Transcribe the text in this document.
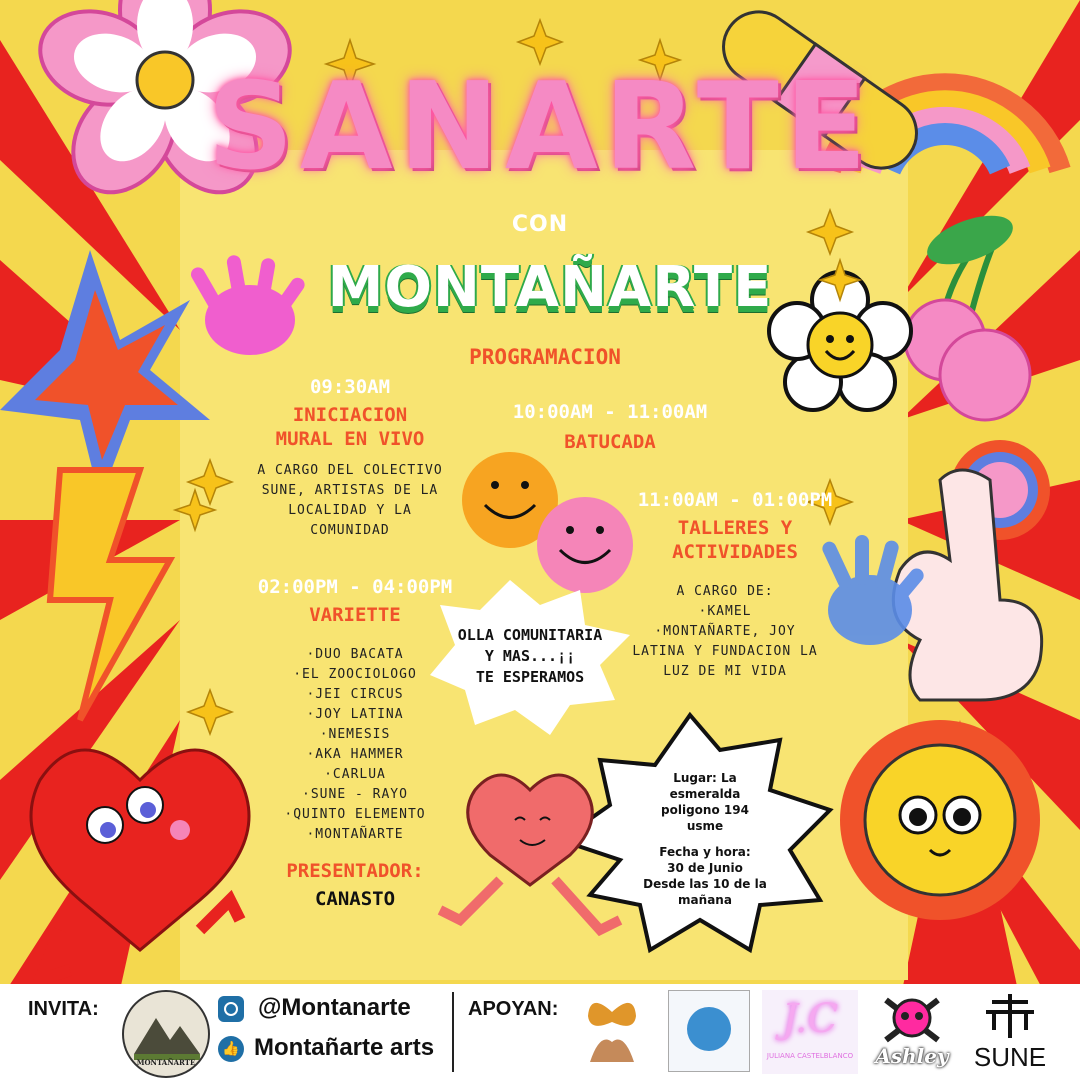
SANARTE
CON
MONTAÑARTE
PROGRAMACION
09:30AM
INICIACION
MURAL EN VIVO
A CARGO DEL COLECTIVO
SUNE, ARTISTAS DE LA
LOCALIDAD Y LA
COMUNIDAD
10:00AM - 11:00AM
BATUCADA
11:00AM - 01:00PM
TALLERES Y
ACTIVIDADES
A CARGO DE:
·KAMEL
·MONTAÑARTE, JOY
LATINA Y FUNDACION LA
LUZ DE MI VIDA
02:00PM - 04:00PM
VARIETTE
·DUO BACATA
·EL ZOOCIOLOGO
·JEI CIRCUS
·JOY LATINA
·NEMESIS
·AKA HAMMER
·CARLUA
·SUNE - RAYO
·QUINTO ELEMENTO
·MONTAÑARTE
PRESENTADOR:
CANASTO
OLLA COMUNITARIA
Y MAS...¡¡
TE ESPERAMOS
Lugar: La
esmeralda
poligono 194
usme
Fecha y hora:
30 de Junio
Desde las 10 de la
mañana
INVITA:
MONTAÑARTE
@Montanarte
👍 Montañarte arts
APOYAN:	J.C
JULIANA CASTELBLANCO Ashley SUNE
